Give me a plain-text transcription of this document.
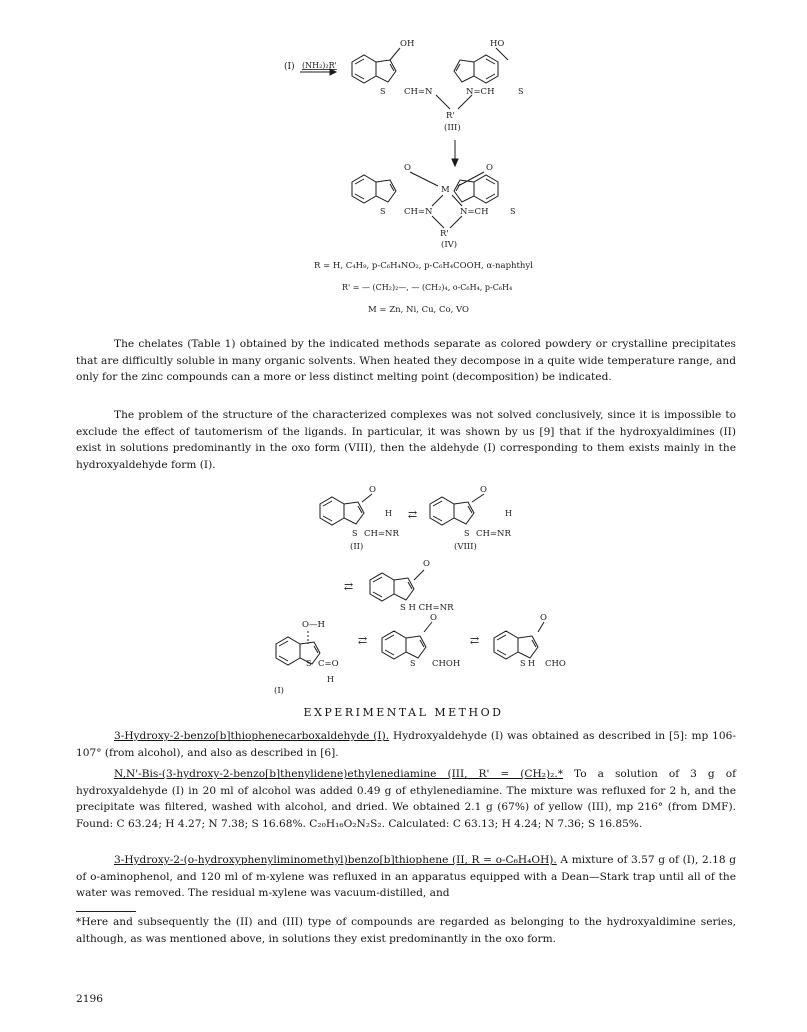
(I) (NH₂)₂R'
OH
S CH=N
R'
N=CH
HO
S
(III)
O	O
M
S CH=N	N=CH
R'
S
(IV)
R = H, C₄H₉, p-C₆H₄NO₂, p-C₆H₄COOH, α-naphthyl
R' = — (CH₂)₂—, — (CH₂)₄, o-C₆H₄, p-C₆H₄
M = Zn, Ni, Cu, Co, VO

The chelates (Table 1) obtained by the indicated methods separate as colored powdery or crystalline precipitates that are difficultly soluble in many organic solvents. When heated they decompose in a quite wide temperature range, and only for the zinc compounds can a more or less distinct melting point (decomposition) be indicated.

The problem of the structure of the characterized complexes was not solved conclusively, since it is impossible to exclude the effect of tautomerism of the ligands. In particular, it was shown by us [9] that if the hydroxyaldimines (II) exist in solutions predominantly in the oxo form (VIII), then the aldehyde (I) corresponding to them exists mainly in the hydroxyaldehyde form (I).

O
H
S CH=NR
(II)
⇄
O
H
S CH=NR
(VIII)
⇄
O
S H CH=NR
O—H
S C=O
H
(I)
⇄
O
S CHOH
⇄
O
S H CHO
EXPERIMENTAL METHOD

3-Hydroxy-2-benzo[b]thiophenecarboxaldehyde (I). Hydroxyaldehyde (I) was obtained as described in [5]: mp 106-107° (from alcohol), and also as described in [6].

N,N'-Bis-(3-hydroxy-2-benzo[b]thenylidene)ethylenediamine (III, R' = (CH₂)₂.* To a solution of 3 g of hydroxyaldehyde (I) in 20 ml of alcohol was added 0.49 g of ethylenediamine. The mixture was refluxed for 2 h, and the precipitate was filtered, washed with alcohol, and dried. We obtained 2.1 g (67%) of yellow (III), mp 216° (from DMF). Found: C 63.24; H 4.27; N 7.38; S 16.68%. C₂₀H₁₆O₂N₂S₂. Calculated: C 63.13; H 4.24; N 7.36; S 16.85%.

3-Hydroxy-2-(o-hydroxyphenyliminomethyl)benzo[b]thiophene (II, R = o-C₆H₄OH). A mixture of 3.57 g of (I), 2.18 g of o-aminophenol, and 120 ml of m-xylene was refluxed in an apparatus equipped with a Dean—Stark trap until all of the water was removed. The residual m-xylene was vacuum-distilled, and

*Here and subsequently the (II) and (III) type of compounds are regarded as belonging to the hydroxyaldimine series, although, as was mentioned above, in solutions they exist predominantly in the oxo form.
2196
